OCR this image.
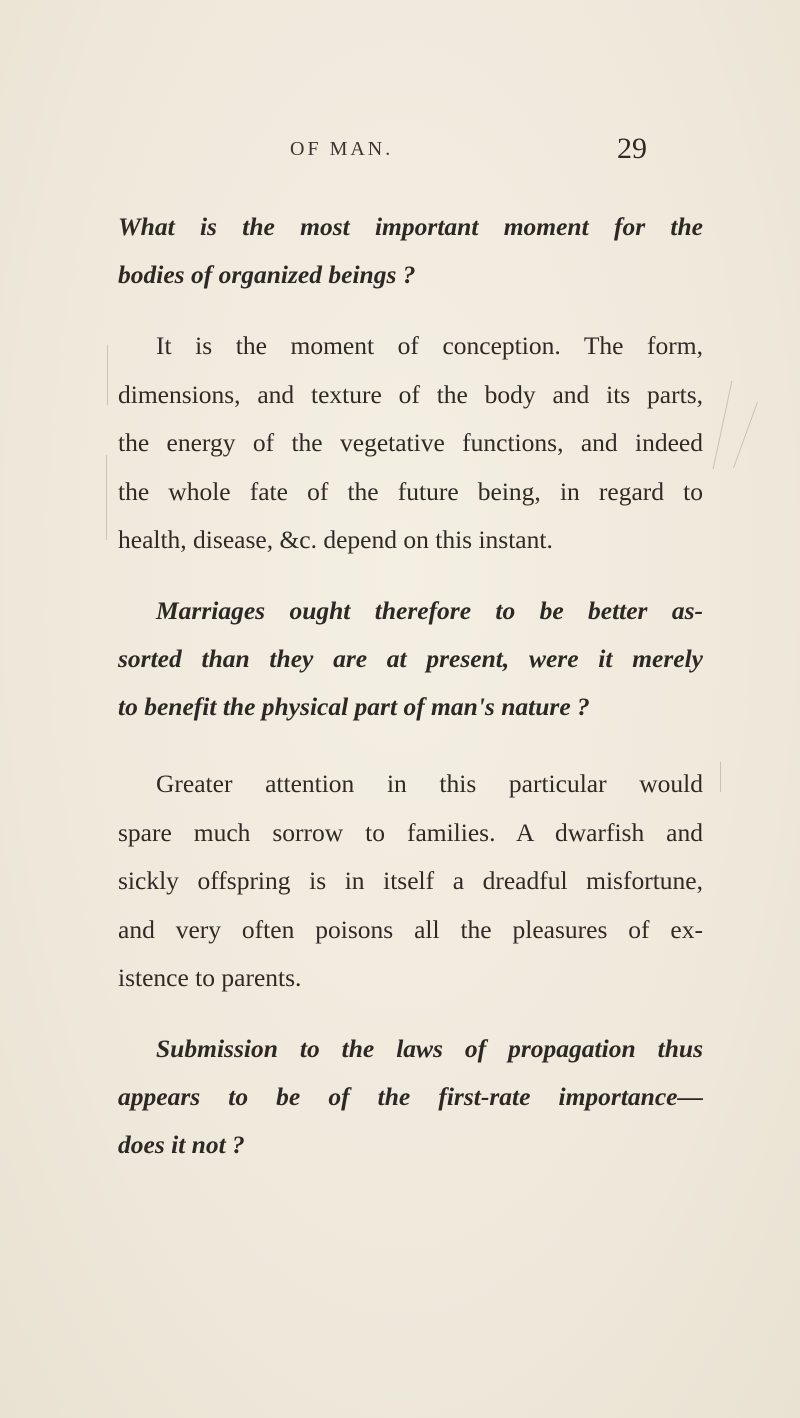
OF MAN.	29

What is the most important moment for the
bodies of organized beings ?

It is the moment of conception. The form,
dimensions, and texture of the body and its parts,
the energy of the vegetative functions, and indeed
the whole fate of the future being, in regard to
health, disease, &c. depend on this instant.

Marriages ought therefore to be better as-
sorted than they are at present, were it merely
to benefit the physical part of man's nature ?

Greater attention in this particular would
spare much sorrow to families. A dwarfish and
sickly offspring is in itself a dreadful misfortune,
and very often poisons all the pleasures of ex-
istence to parents.

Submission to the laws of propagation thus
appears to be of the first-rate importance—
does it not ?
